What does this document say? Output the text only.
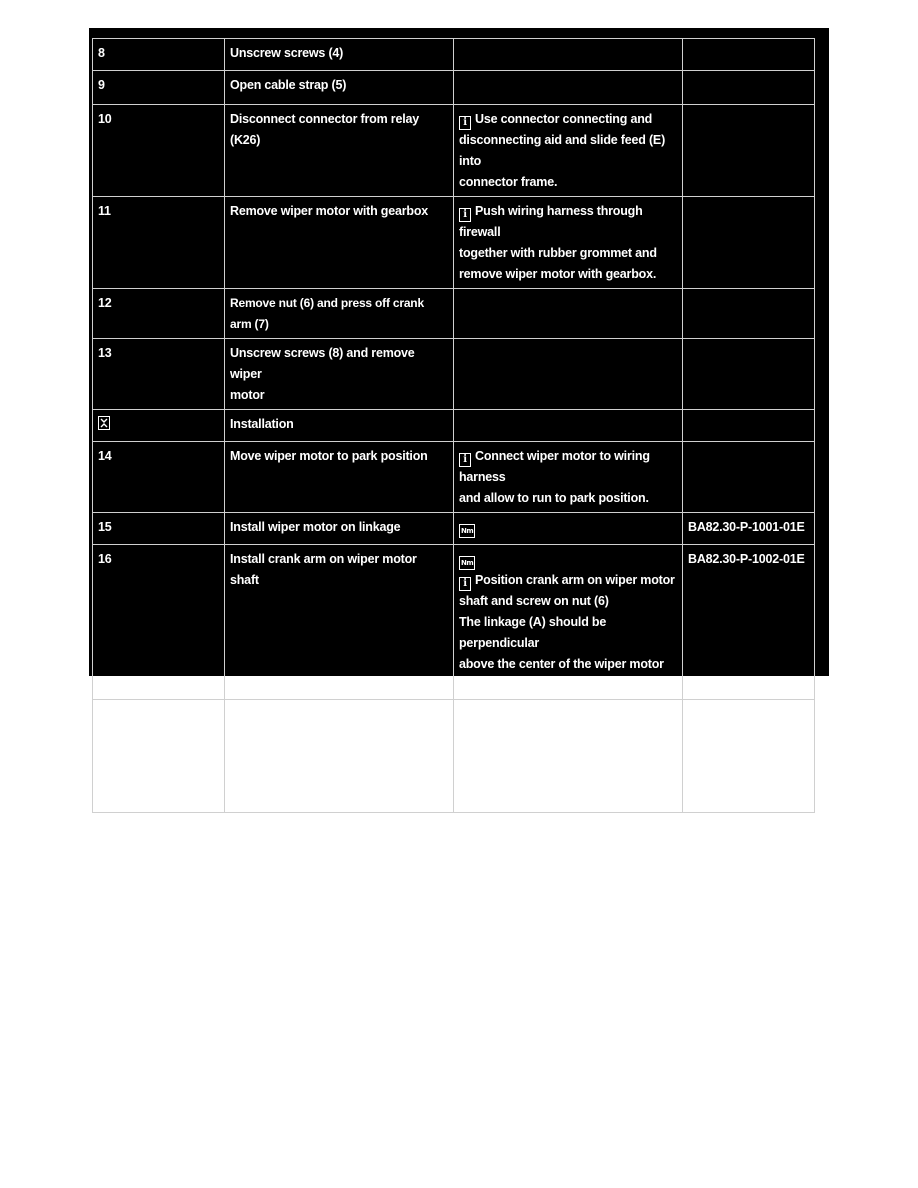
8	Unscrew screws (4)		
9	Open cable strap (5)		
10	Disconnect connector from relay (K26)	i Use connector connecting and
disconnecting aid and slide feed (E) into
connector frame.	

11	Remove wiper motor with gearbox	i Push wiring harness through firewall
together with rubber grommet and
remove wiper motor with gearbox.	

12	Remove nut (6) and press off crank arm (7)		
13	Unscrew screws (8) and remove wiper
motor		

	Installation		
14	Move wiper motor to park position	i Connect wiper motor to wiring harness
and allow to run to park position.	

15	Install wiper motor on linkage	Nm	BA82.30-P-1001-01E
16	Install crank arm on wiper motor shaft	Nm
i Position crank arm on wiper motor
shaft and screw on nut (6)
The linkage (A) should be perpendicular
above the center of the wiper motor shaft.	BA82.30-P-1002-01E
17	Install wiper motor wiring harness	i Push wiring harness through firewall
together with rubber grommet, route and
fasten with cable strap (5).	
